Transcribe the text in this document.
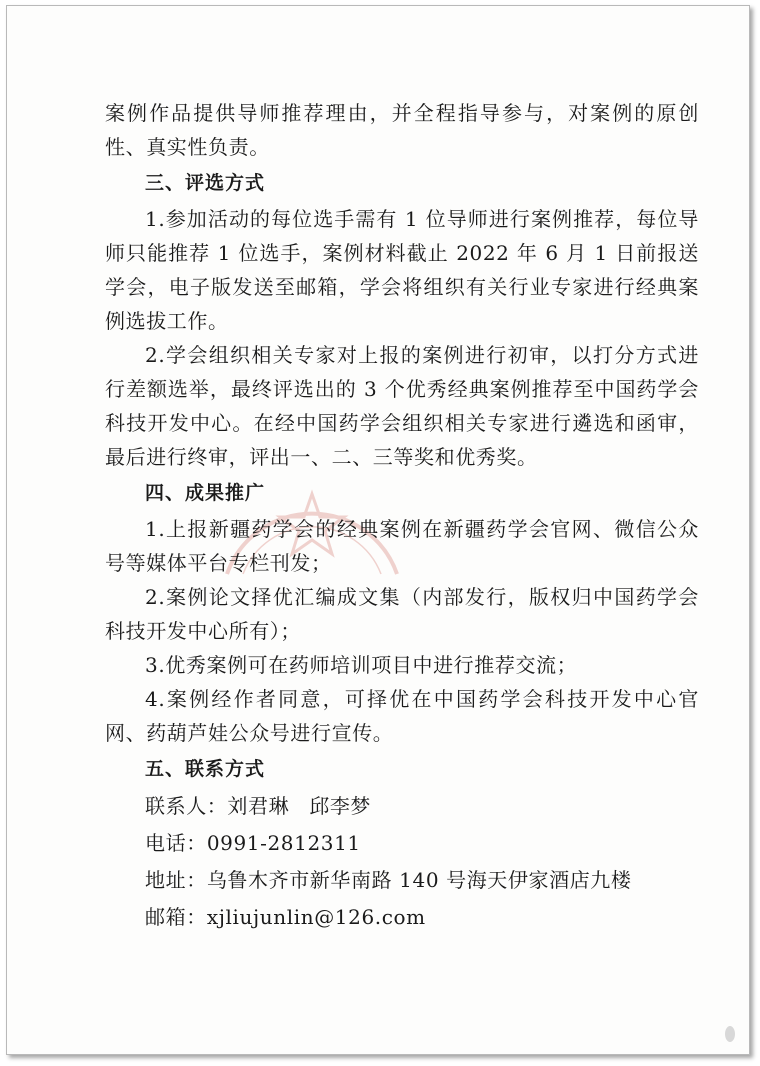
案例作品提供导师推荐理由，并全程指导参与，对案例的原创性、真实性负责。

三、评选方式

1.参加活动的每位选手需有 1 位导师进行案例推荐，每位导师只能推荐 1 位选手，案例材料截止 2022 年 6 月 1 日前报送学会，电子版发送至邮箱，学会将组织有关行业专家进行经典案例选拔工作。

2.学会组织相关专家对上报的案例进行初审，以打分方式进行差额选举，最终评选出的 3 个优秀经典案例推荐至中国药学会科技开发中心。在经中国药学会组织相关专家进行遴选和函审，最后进行终审，评出一、二、三等奖和优秀奖。

四、成果推广

1.上报新疆药学会的经典案例在新疆药学会官网、微信公众号等媒体平台专栏刊发；

2.案例论文择优汇编成文集（内部发行，版权归中国药学会科技开发中心所有）；

3.优秀案例可在药师培训项目中进行推荐交流；

4.案例经作者同意，可择优在中国药学会科技开发中心官网、药葫芦娃公众号进行宣传。

五、联系方式

联系人：刘君琳 邱李梦

电话：0991-2812311

地址：乌鲁木齐市新华南路 140 号海天伊家酒店九楼

邮箱：xjliujunlin@126.com
